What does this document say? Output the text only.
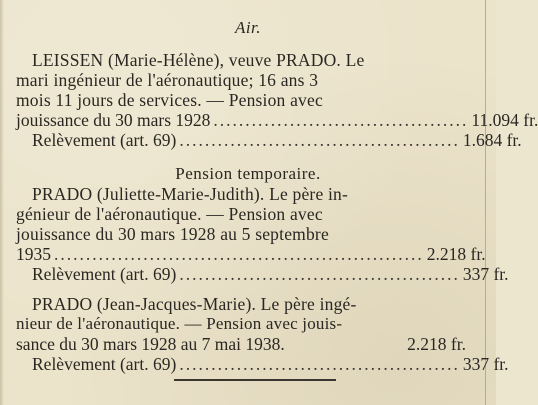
Air.
LEISSEN (Marie-Hélène), veuve PRADO. Le
mari ingénieur de l'aéronautique; 16 ans 3
mois 11 jours de services. — Pension avec
jouissance du 30 mars 1928 ........................................ 11.094 fr.
Relèvement (art. 69) ............................................ 1.684 fr.
Pension temporaire.
PRADO (Juliette-Marie-Judith). Le père in-
génieur de l'aéronautique. — Pension avec
jouissance du 30 mars 1928 au 5 septembre
1935 .......................................................... 2.218 fr.
Relèvement (art. 69) ............................................ 337 fr.
PRADO (Jean-Jacques-Marie). Le père ingé-
nieur de l'aéronautique. — Pension avec jouis-
sance du 30 mars 1928 au 7 mai 1938.	2.218 fr.
Relèvement (art. 69) ............................................ 337 fr.
